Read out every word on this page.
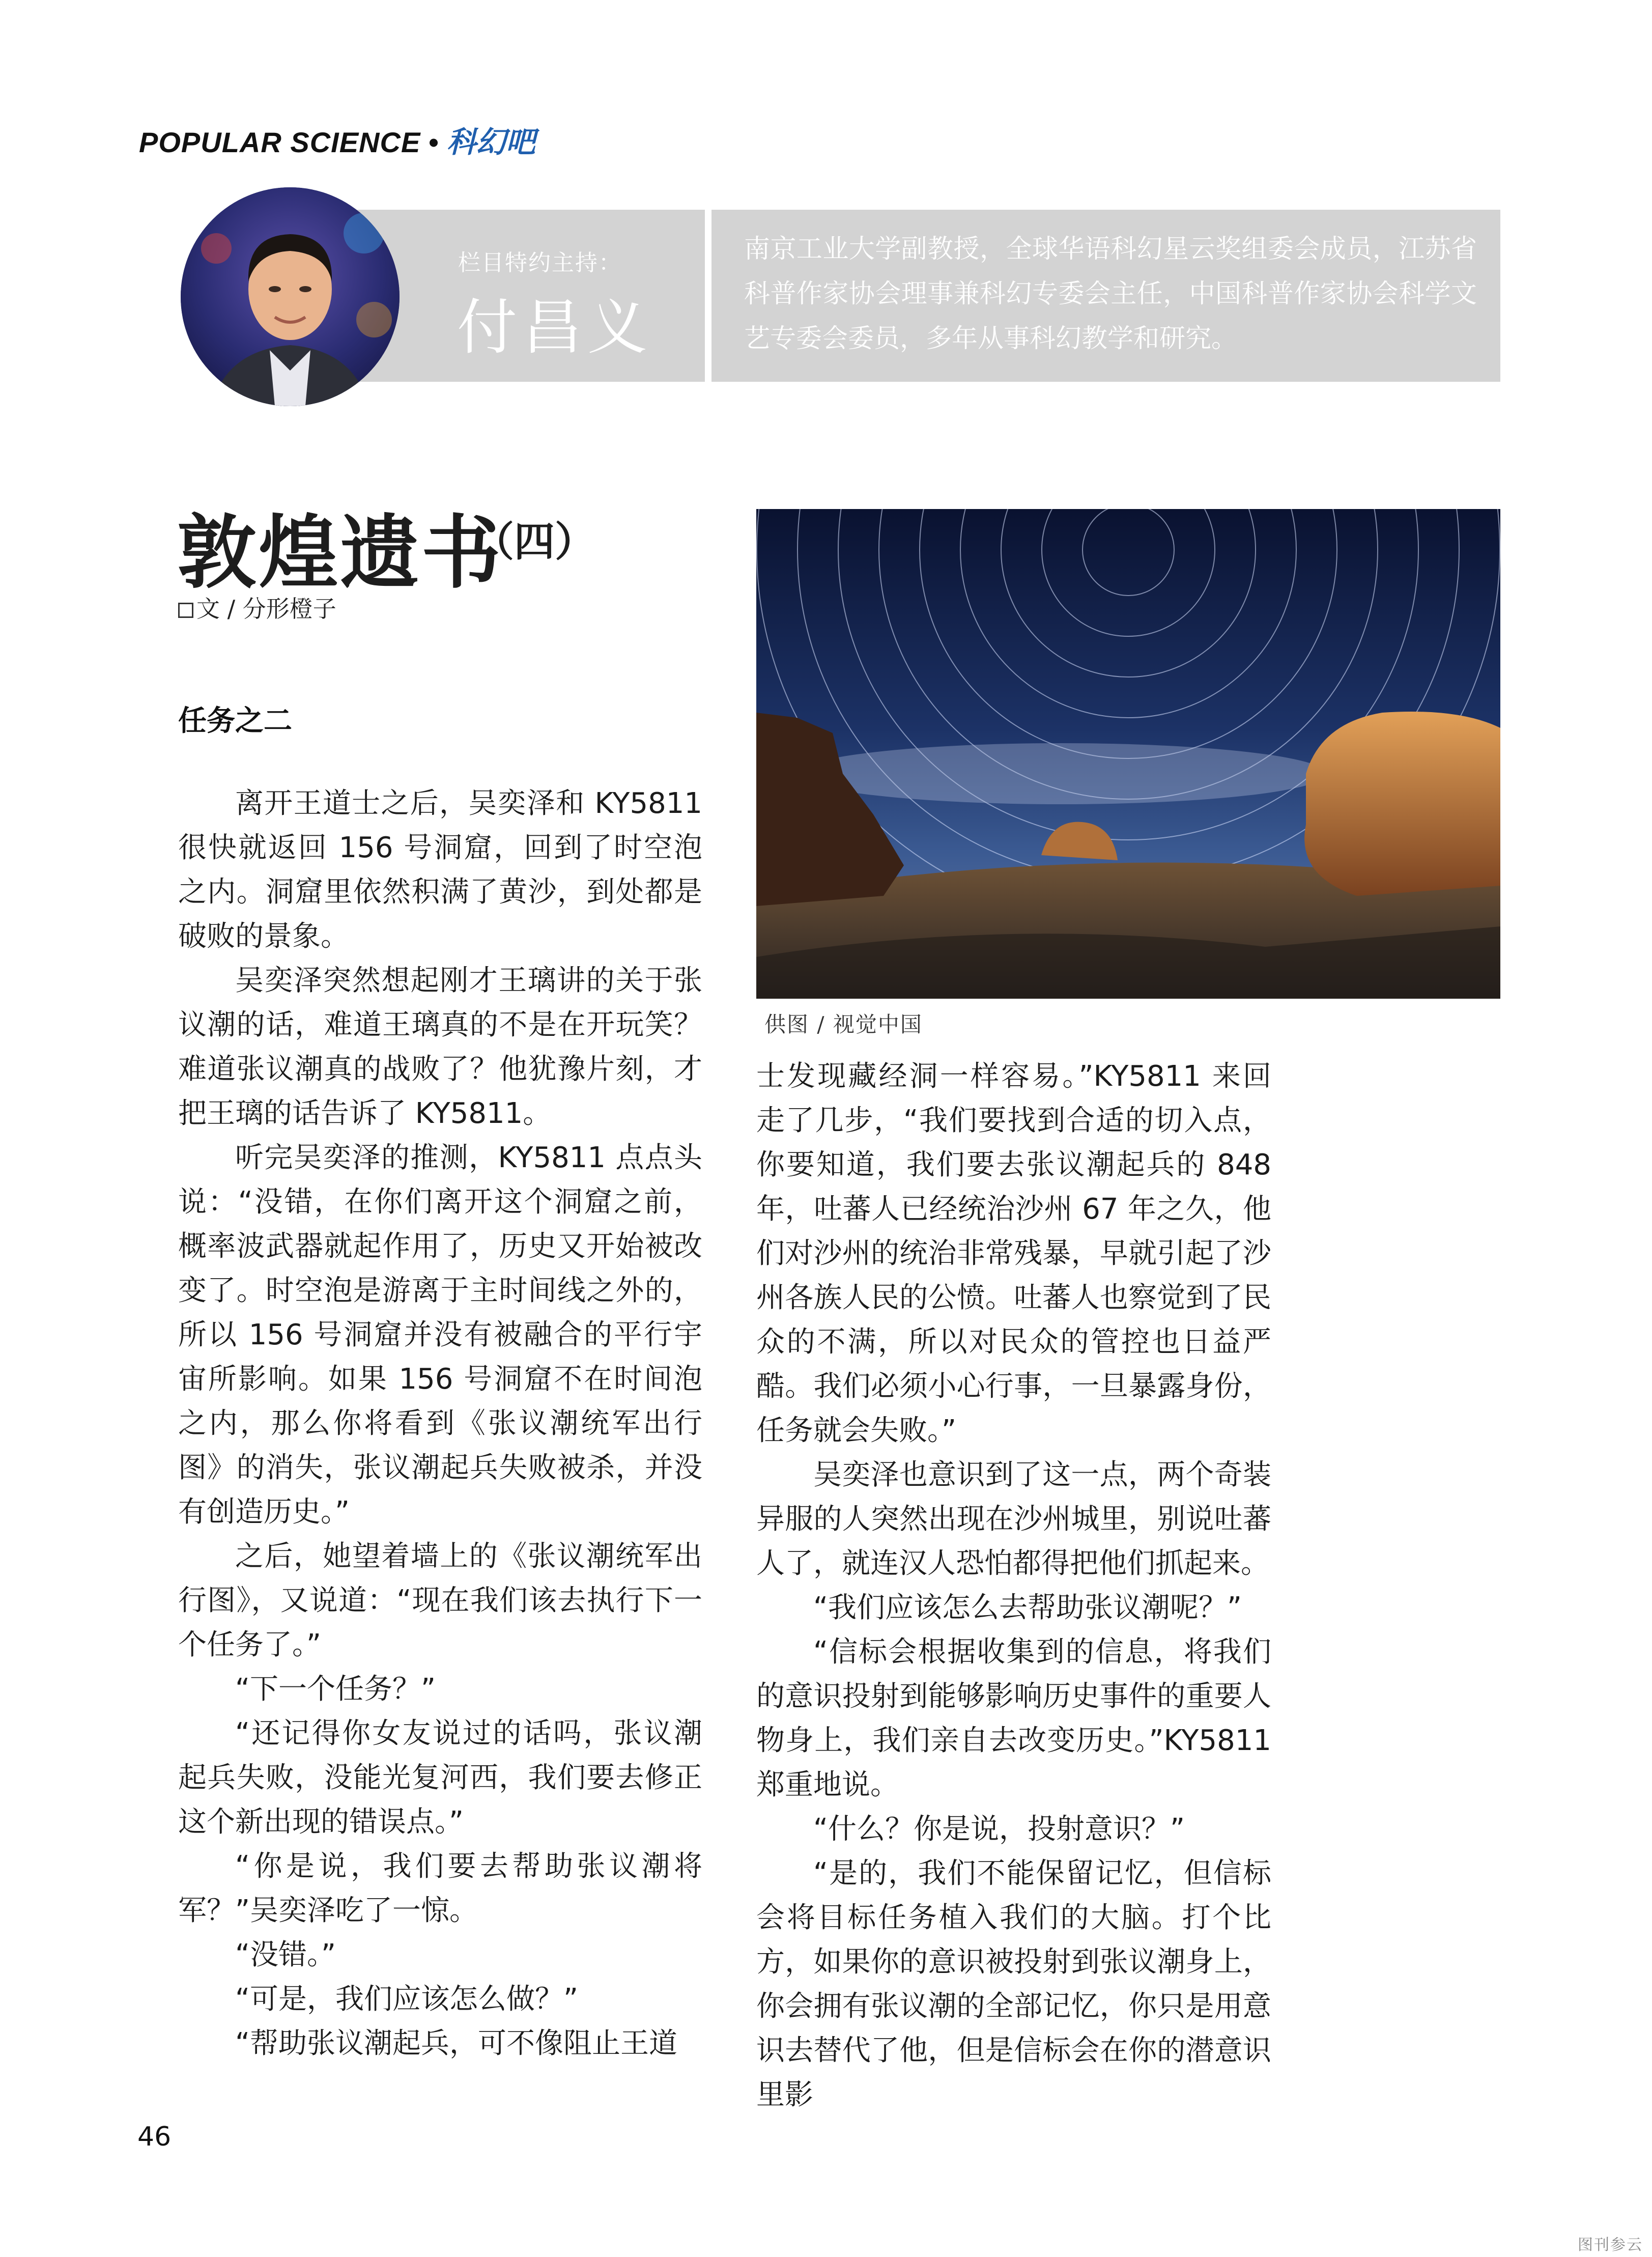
POPULAR SCIENCE • 科幻吧
栏目特约主持：
付昌义
南京工业大学副教授，全球华语科幻星云奖组委会成员，江苏省科普作家协会理事兼科幻专委会主任，中国科普作家协会科学文艺专委会委员，多年从事科幻教学和研究。
敦煌遗书
（四）
文 / 分形橙子
任务之二

离开王道士之后，吴奕泽和 KY5811 很快就返回 156 号洞窟，回到了时空泡之内。洞窟里依然积满了黄沙，到处都是破败的景象。

吴奕泽突然想起刚才王璃讲的关于张议潮的话，难道王璃真的不是在开玩笑？难道张议潮真的战败了？他犹豫片刻，才把王璃的话告诉了 KY5811。

听完吴奕泽的推测，KY5811 点点头说：“没错，在你们离开这个洞窟之前，概率波武器就起作用了，历史又开始被改变了。时空泡是游离于主时间线之外的，所以 156 号洞窟并没有被融合的平行宇宙所影响。如果 156 号洞窟不在时间泡之内，那么你将看到《张议潮统军出行图》的消失，张议潮起兵失败被杀，并没有创造历史。”

之后，她望着墙上的《张议潮统军出行图》，又说道：“现在我们该去执行下一个任务了。”

“下一个任务？”

“还记得你女友说过的话吗，张议潮起兵失败，没能光复河西，我们要去修正这个新出现的错误点。”

“你是说，我们要去帮助张议潮将军？”吴奕泽吃了一惊。

“没错。”

“可是，我们应该怎么做？”

“帮助张议潮起兵，可不像阻止王道

供图 / 视觉中国

士发现藏经洞一样容易。”KY5811 来回走了几步，“我们要找到合适的切入点，你要知道，我们要去张议潮起兵的 848 年，吐蕃人已经统治沙州 67 年之久，他们对沙州的统治非常残暴，早就引起了沙州各族人民的公愤。吐蕃人也察觉到了民众的不满，所以对民众的管控也日益严酷。我们必须小心行事，一旦暴露身份，任务就会失败。”

吴奕泽也意识到了这一点，两个奇装异服的人突然出现在沙州城里，别说吐蕃人了，就连汉人恐怕都得把他们抓起来。

“我们应该怎么去帮助张议潮呢？”

“信标会根据收集到的信息，将我们的意识投射到能够影响历史事件的重要人物身上，我们亲自去改变历史。”KY5811 郑重地说。

“什么？你是说，投射意识？”

“是的，我们不能保留记忆，但信标会将目标任务植入我们的大脑。打个比方，如果你的意识被投射到张议潮身上，你会拥有张议潮的全部记忆，你只是用意识去替代了他，但是信标会在你的潜意识里影

46
图刊参云
